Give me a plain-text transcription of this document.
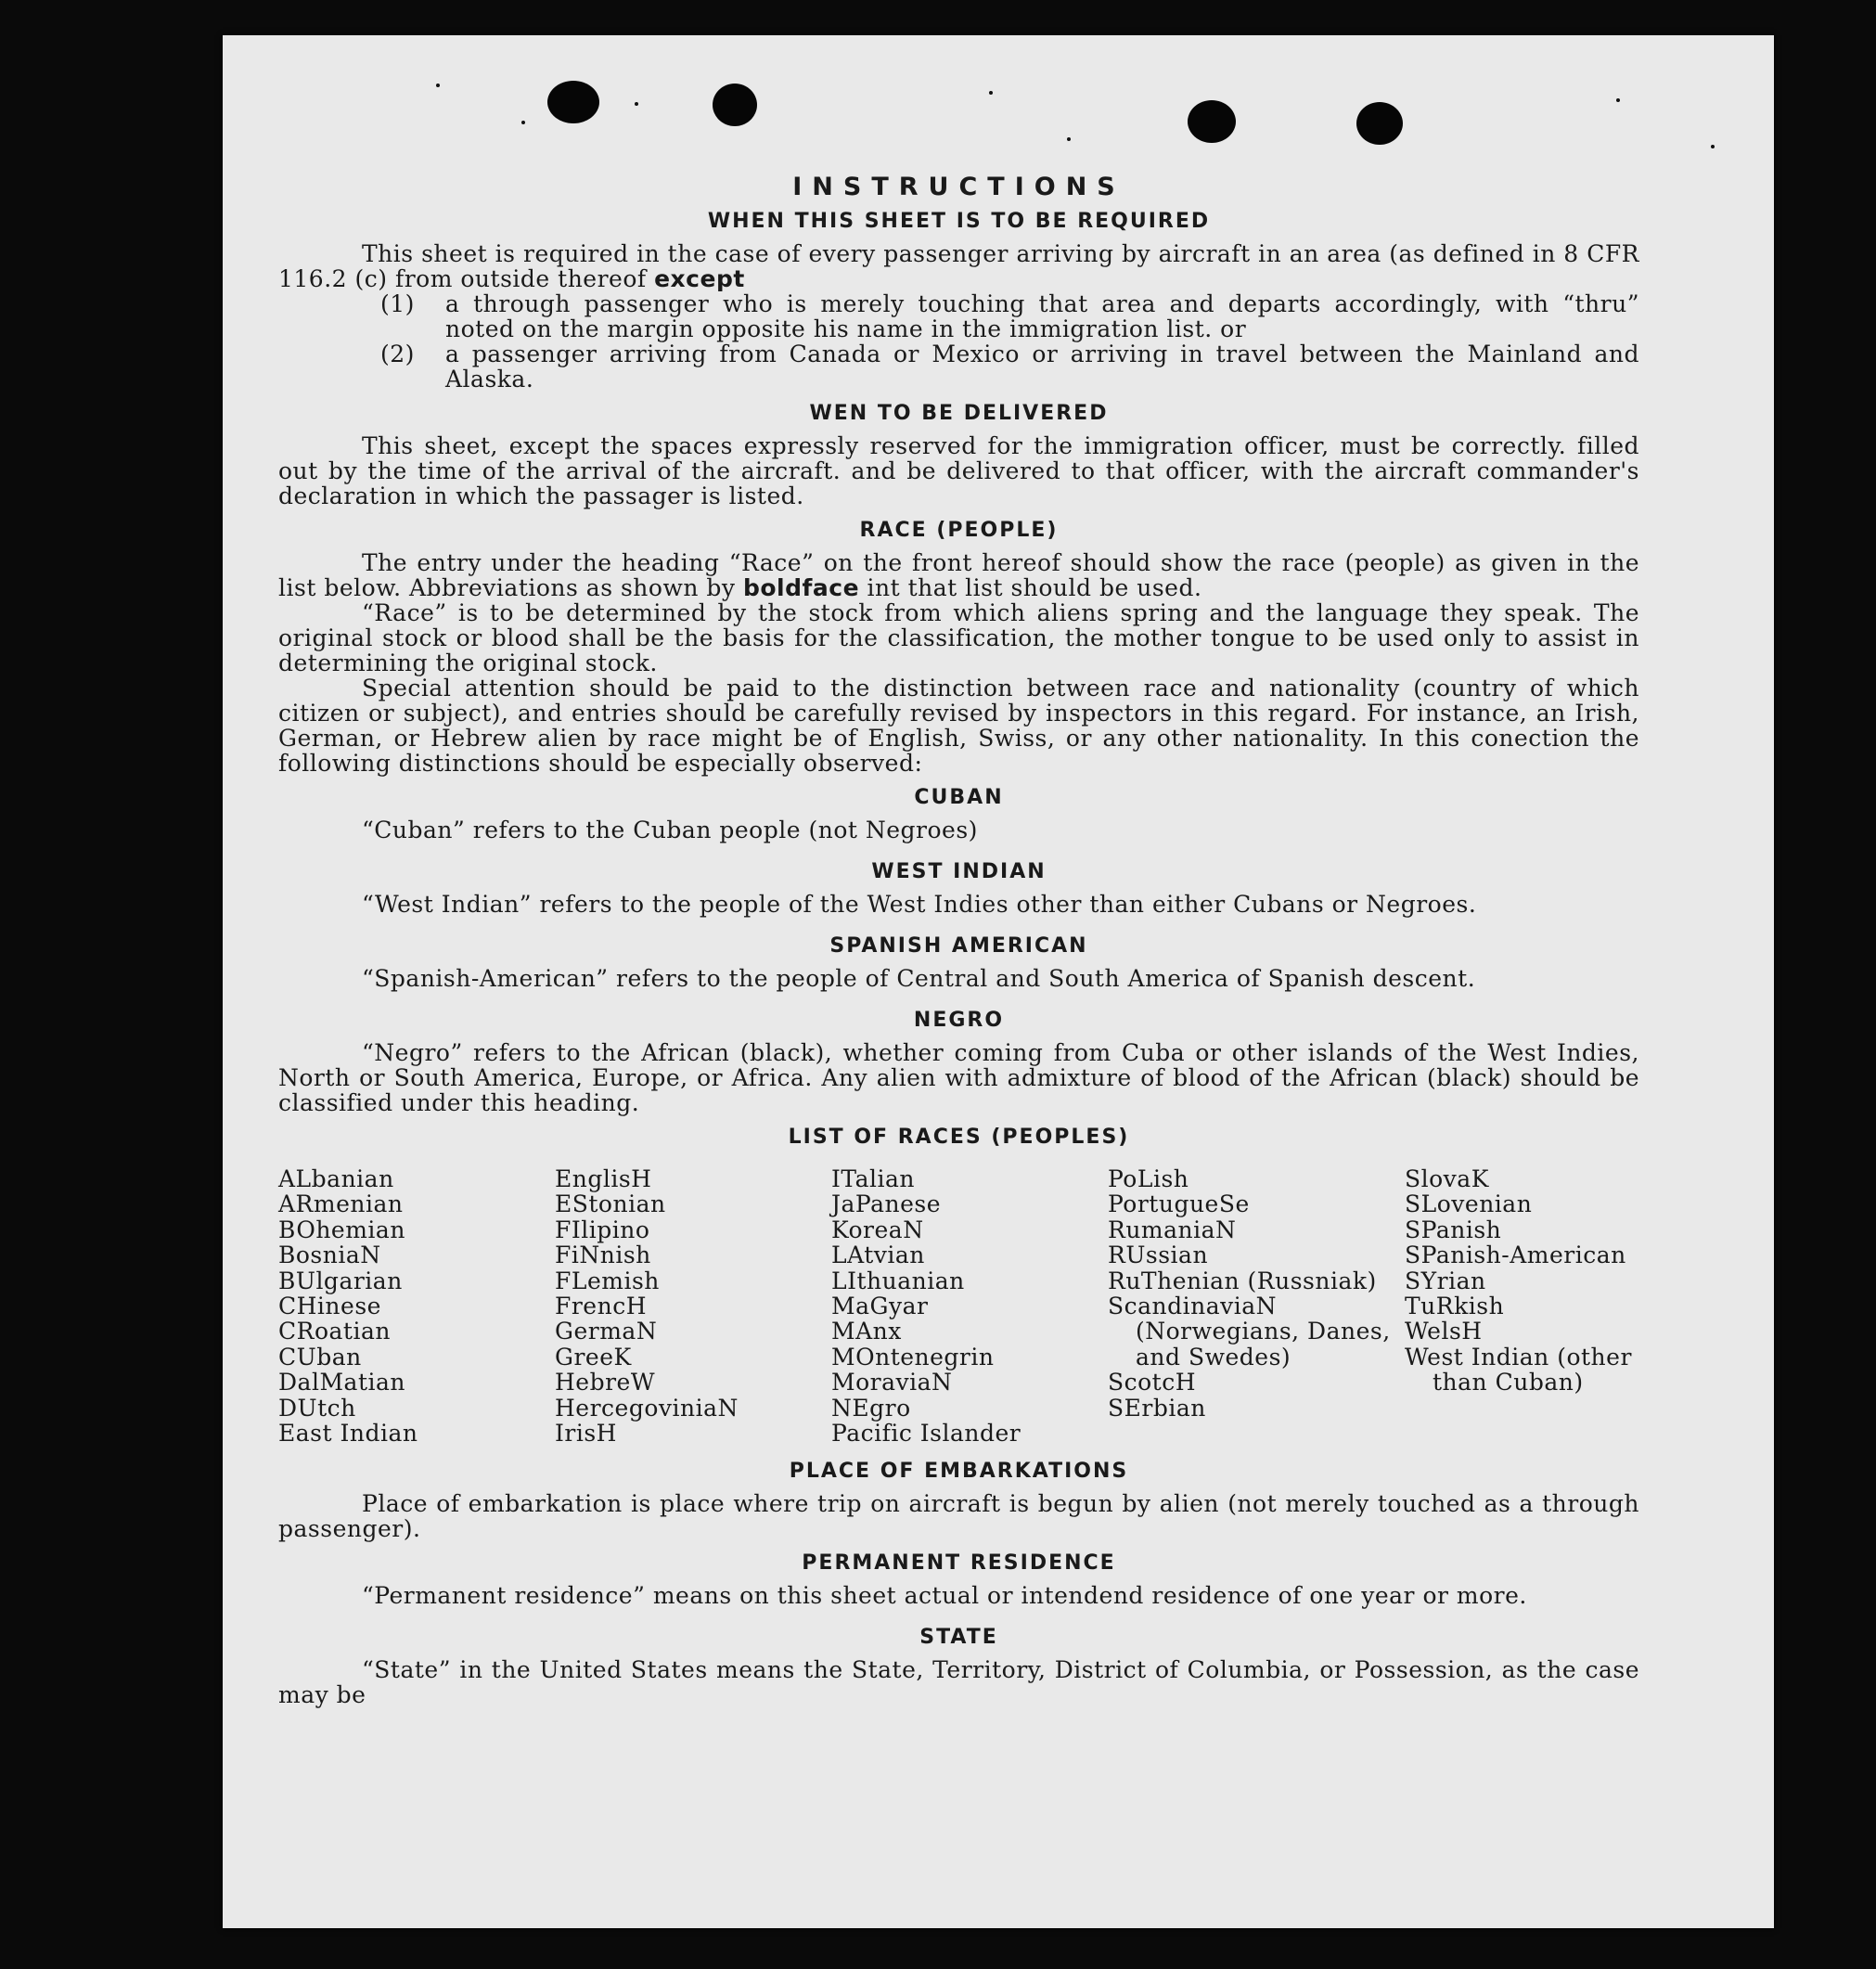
INSTRUCTIONS
WHEN THIS SHEET IS TO BE REQUIRED

This sheet is required in the case of every passenger arriving by aircraft in an area (as defined in 8 CFR 116.2 (c) from outside thereof except

(1)	a through passenger who is merely touching that area and departs accordingly, with “thru” noted on the margin opposite his name in the immigration list. or
(2)	a passenger arriving from Canada or Mexico or arriving in travel between the Mainland and Alaska.
WEN TO BE DELIVERED

This sheet, except the spaces expressly reserved for the immigration officer, must be correctly. filled out by the time of the arrival of the aircraft. and be delivered to that officer, with the aircraft commander's declaration in which the passager is listed.

RACE (PEOPLE)

The entry under the heading “Race” on the front hereof should show the race (people) as given in the list below. Abbreviations as shown by boldface int that list should be used.

“Race” is to be determined by the stock from which aliens spring and the language they speak. The original stock or blood shall be the basis for the classification, the mother tongue to be used only to assist in determining the original stock.

Special attention should be paid to the distinction between race and nationality (country of which citizen or subject), and entries should be carefully revised by inspectors in this regard. For instance, an Irish, German, or Hebrew alien by race might be of English, Swiss, or any other nationality. In this conection the following distinctions should be especially observed:

CUBAN

“Cuban” refers to the Cuban people (not Negroes)

WEST INDIAN

“West Indian” refers to the people of the West Indies other than either Cubans or Negroes.

SPANISH AMERICAN

“Spanish-American” refers to the people of Central and South America of Spanish descent.

NEGRO

“Negro” refers to the African (black), whether coming from Cuba or other islands of the West Indies, North or South America, Europe, or Africa. Any alien with admixture of blood of the African (black) should be classified under this heading.

LIST OF RACES (PEOPLES)
ALbanian
ARmenian
BOhemian
BosniaN
BUlgarian
CHinese
CRoatian
CUban
DalMatian
DUtch
East Indian
EnglisH
EStonian
FIlipino
FiNnish
FLemish
FrencH
GermaN
GreeK
HebreW
HercegoviniaN
IrisH
ITalian
JaPanese
KoreaN
LAtvian
LIthuanian
MaGyar
MAnx
MOntenegrin
MoraviaN
NEgro
Pacific Islander
PoLish
PortugueSe
RumaniaN
RUssian
RuThenian (Russniak)
ScandinaviaN (Norwegians, Danes, and Swedes)
ScotcH
SErbian
SlovaK
SLovenian
SPanish
SPanish-American
SYrian
TuRkish
WelsH
West Indian (other than Cuban)
PLACE OF EMBARKATIONS

Place of embarkation is place where trip on aircraft is begun by alien (not merely touched as a through passenger).

PERMANENT RESIDENCE

“Permanent residence” means on this sheet actual or intendend residence of one year or more.

STATE

“State” in the United States means the State, Territory, District of Columbia, or Possession, as the case may be
